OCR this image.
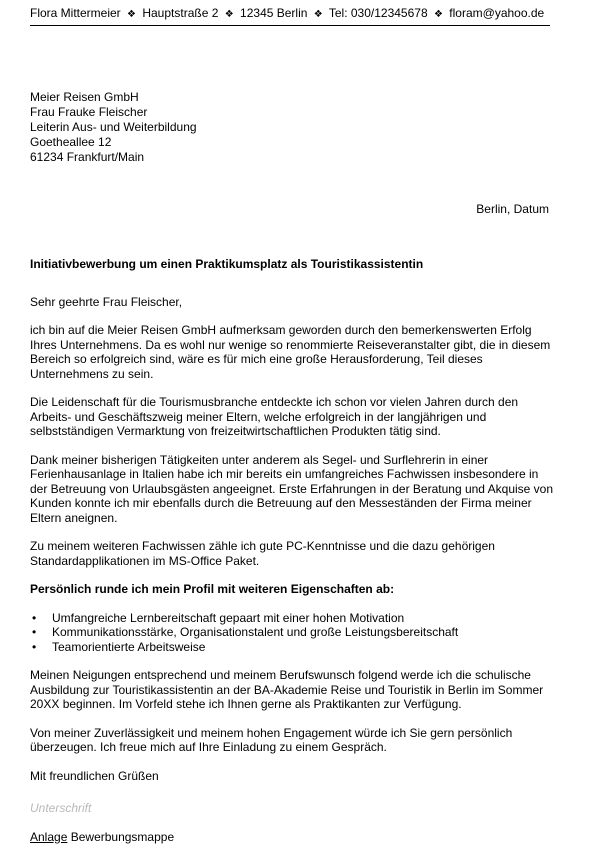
Flora Mittermeier ❖ Hauptstraße 2 ❖ 12345 Berlin ❖ Tel: 030/12345678 ❖ floram@yahoo.de
Meier Reisen GmbH
Frau Frauke Fleischer
Leiterin Aus- und Weiterbildung
Goetheallee 12
61234 Frankfurt/Main
Berlin, Datum
Initiativbewerbung um einen Praktikumsplatz als Touristikassistentin

Sehr geehrte Frau Fleischer,

ich bin auf die Meier Reisen GmbH aufmerksam geworden durch den bemerkenswerten Erfolg Ihres Unternehmens. Da es wohl nur wenige so renommierte Reiseveranstalter gibt, die in diesem Bereich so erfolgreich sind, wäre es für mich eine große Herausforderung, Teil dieses Unternehmens zu sein.

Die Leidenschaft für die Tourismusbranche entdeckte ich schon vor vielen Jahren durch den Arbeits- und Geschäftszweig meiner Eltern, welche erfolgreich in der langjährigen und selbstständigen Vermarktung von freizeitwirtschaftlichen Produkten tätig sind.

Dank meiner bisherigen Tätigkeiten unter anderem als Segel- und Surflehrerin in einer Ferienhausanlage in Italien habe ich mir bereits ein umfangreiches Fachwissen insbesondere in der Betreuung von Urlaubsgästen angeeignet. Erste Erfahrungen in der Beratung und Akquise von Kunden konnte ich mir ebenfalls durch die Betreuung auf den Messeständen der Firma meiner Eltern aneignen.

Zu meinem weiteren Fachwissen zähle ich gute PC-Kenntnisse und die dazu gehörigen Standardapplikationen im MS-Office Paket.

Persönlich runde ich mein Profil mit weiteren Eigenschaften ab:

• Umfangreiche Lernbereitschaft gepaart mit einer hohen Motivation
• Kommunikationsstärke, Organisationstalent und große Leistungsbereitschaft
• Teamorientierte Arbeitsweise

Meinen Neigungen entsprechend und meinem Berufswunsch folgend werde ich die schulische Ausbildung zur Touristikassistentin an der BA-Akademie Reise und Touristik in Berlin im Sommer 20XX beginnen. Im Vorfeld stehe ich Ihnen gerne als Praktikanten zur Verfügung.

Von meiner Zuverlässigkeit und meinem hohen Engagement würde ich Sie gern persönlich überzeugen. Ich freue mich auf Ihre Einladung zu einem Gespräch.

Mit freundlichen Grüßen

Unterschrift
Anlage Bewerbungsmappe
